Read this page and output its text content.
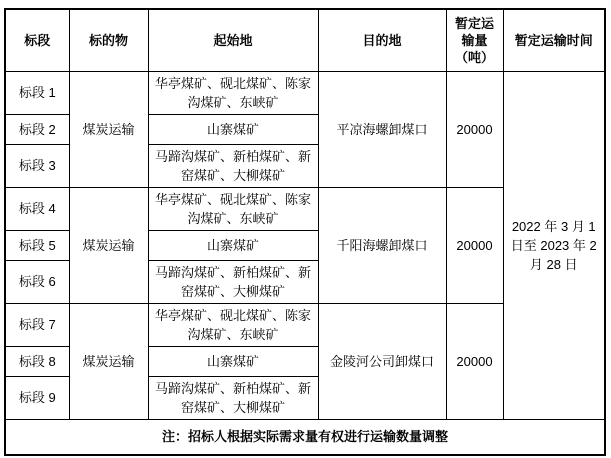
标段	标的物	起始地	目的地	暂定运输量（吨）	暂定运输时间
标段 1	煤炭运输	华亭煤矿、砚北煤矿、陈家沟煤矿、东峡矿	平凉海螺卸煤口	20000	2022 年 3 月 1 日至 2023 年 2 月 28 日
标段 2		山寨煤矿			
标段 3		马蹄沟煤矿、新柏煤矿、新窑煤矿、大柳煤矿			
标段 4	煤炭运输	华亭煤矿、砚北煤矿、陈家沟煤矿、东峡矿	千阳海螺卸煤口	20000	
标段 5		山寨煤矿			
标段 6		马蹄沟煤矿、新柏煤矿、新窑煤矿、大柳煤矿			
标段 7	煤炭运输	华亭煤矿、砚北煤矿、陈家沟煤矿、东峡矿	金陵河公司卸煤口	20000	
标段 8		山寨煤矿			
标段 9		马蹄沟煤矿、新柏煤矿、新窑煤矿、大柳煤矿			
注：招标人根据实际需求量有权进行运输数量调整					
